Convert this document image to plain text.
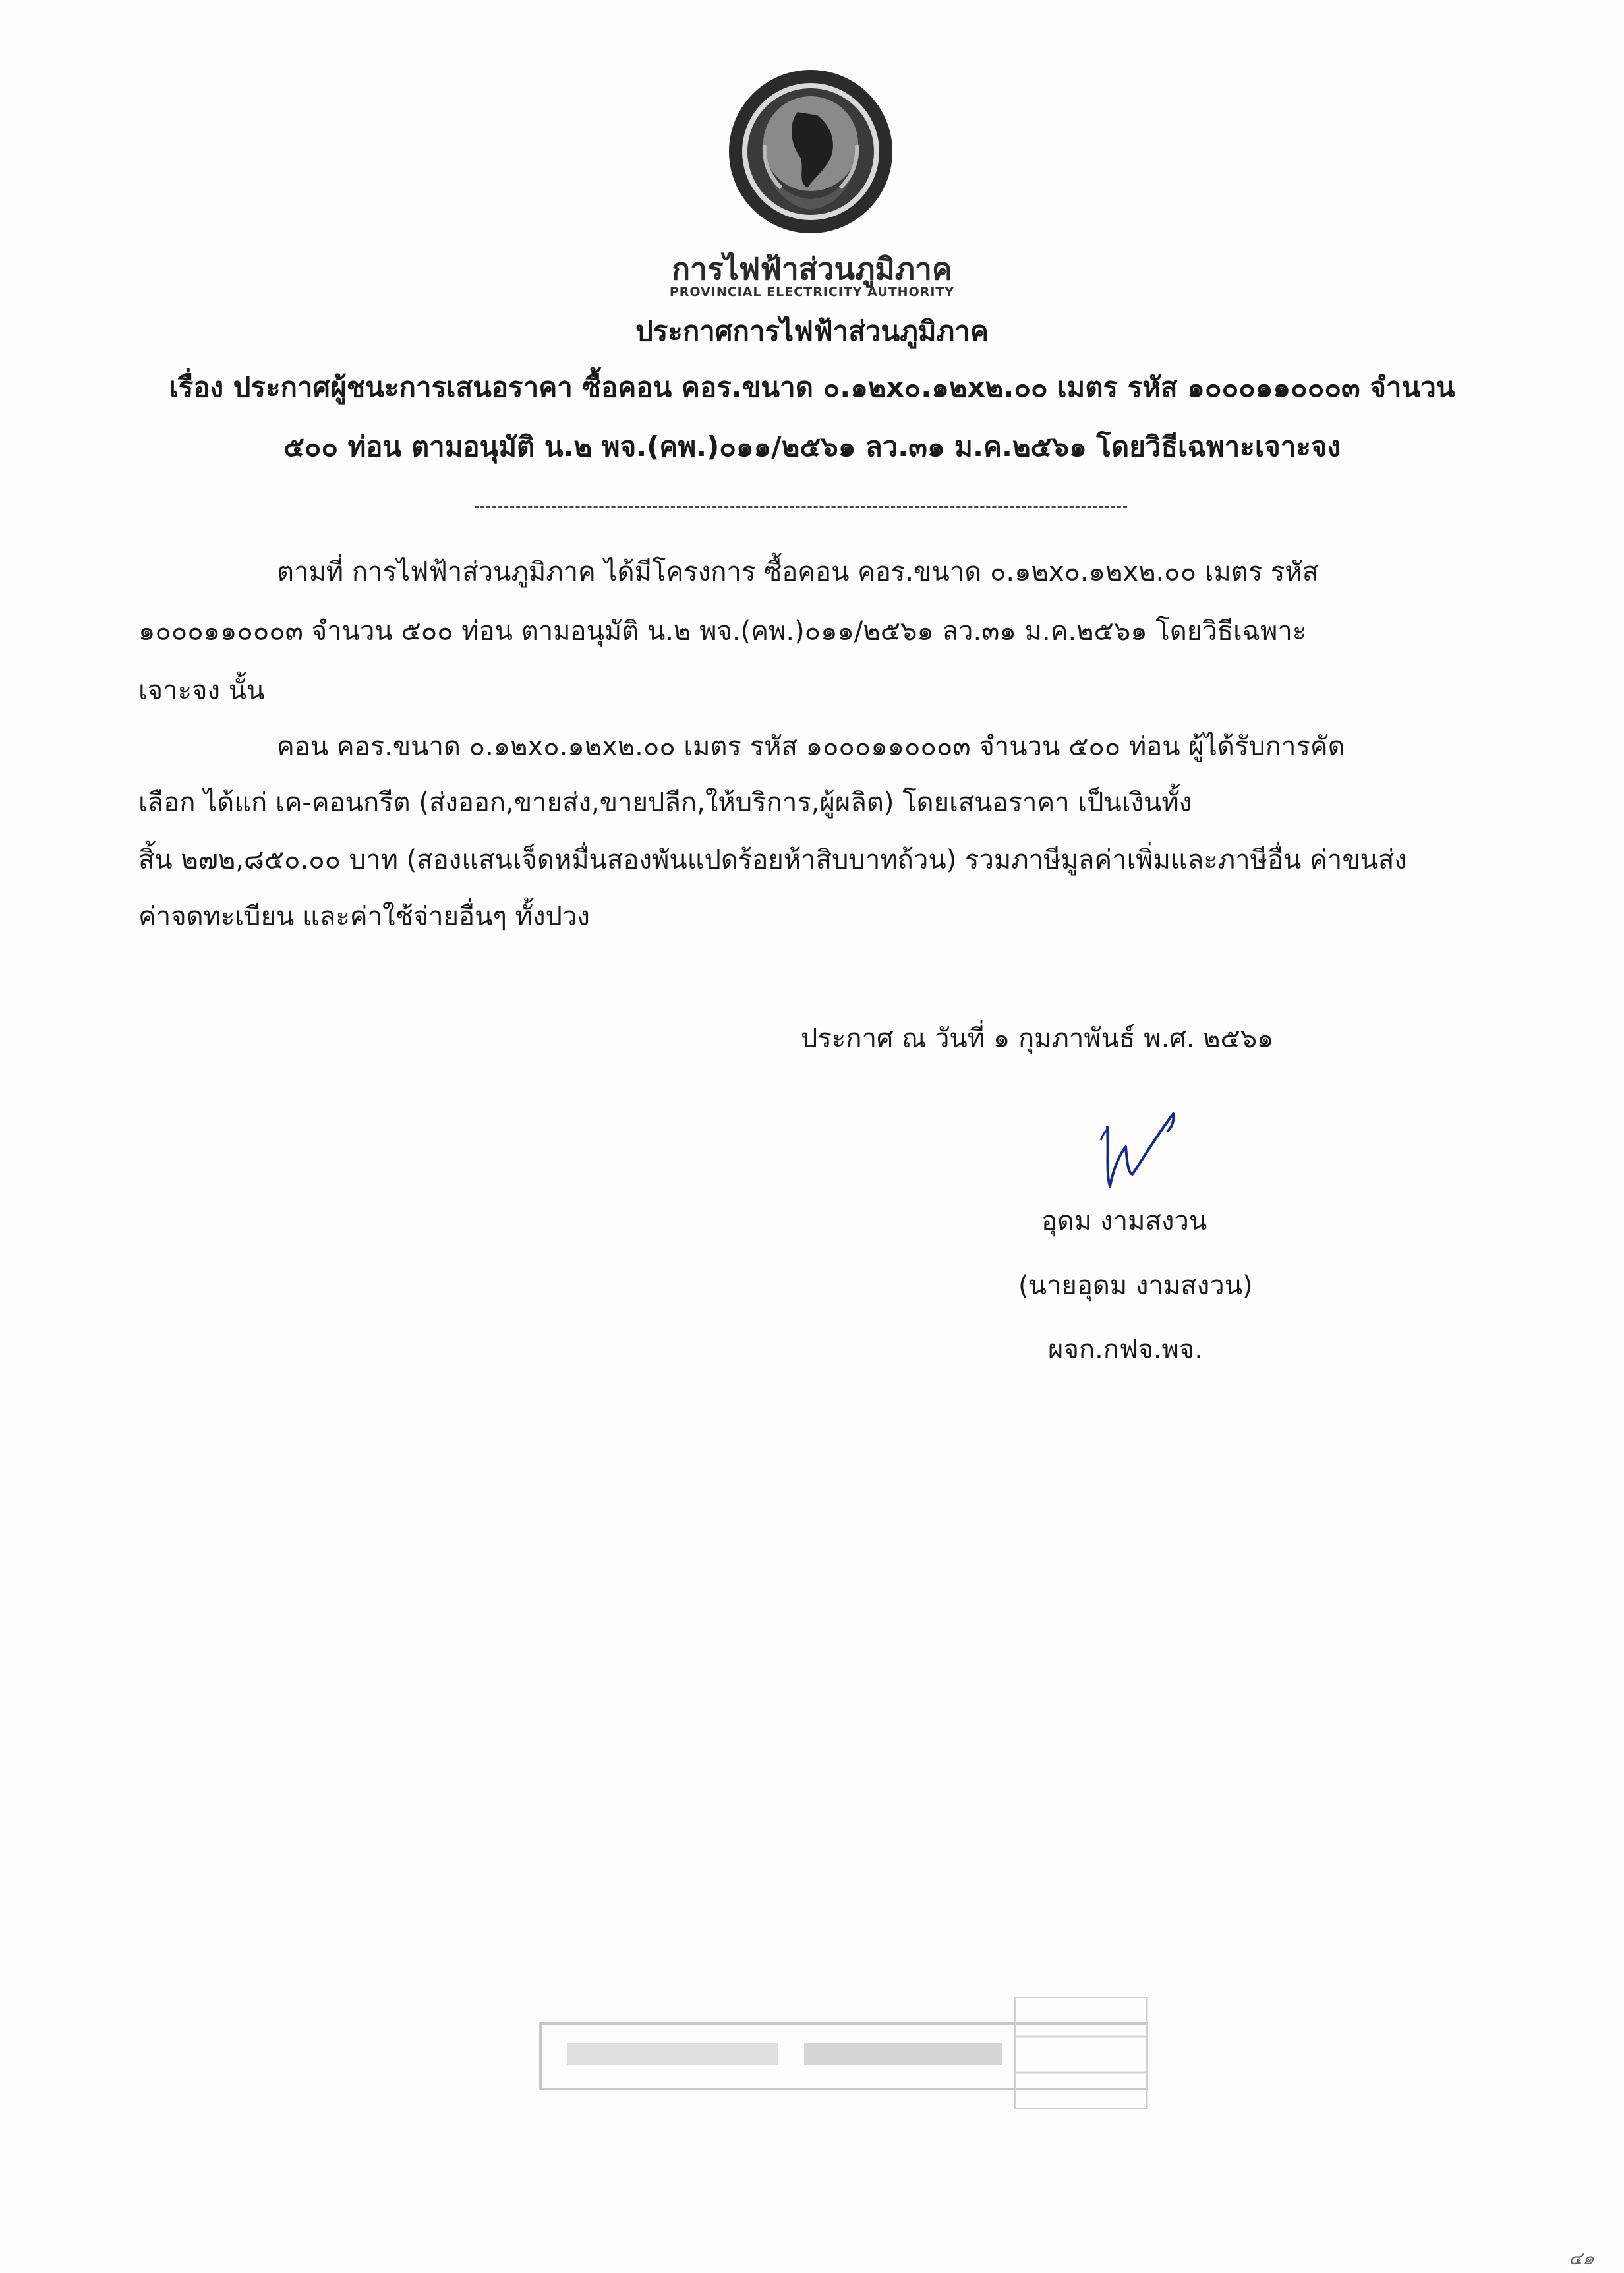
การไฟฟ้าส่วนภูมิภาค
PROVINCIAL ELECTRICITY AUTHORITY
ประกาศการไฟฟ้าส่วนภูมิภาค
เรื่อง ประกาศผู้ชนะการเสนอราคา ซื้อคอน คอร.ขนาด ๐.๑๒x๐.๑๒x๒.๐๐ เมตร รหัส ๑๐๐๐๑๑๐๐๐๓ จำนวน
๕๐๐ ท่อน ตามอนุมัติ น.๒ พจ.(คพ.)๐๑๑/๒๕๖๑ ลว.๓๑ ม.ค.๒๕๖๑ โดยวิธีเฉพาะเจาะจง
ตามที่ การไฟฟ้าส่วนภูมิภาค ได้มีโครงการ ซื้อคอน คอร.ขนาด ๐.๑๒x๐.๑๒x๒.๐๐ เมตร รหัส
๑๐๐๐๑๑๐๐๐๓ จำนวน ๕๐๐ ท่อน ตามอนุมัติ น.๒ พจ.(คพ.)๐๑๑/๒๕๖๑ ลว.๓๑ ม.ค.๒๕๖๑ โดยวิธีเฉพาะ
เจาะจง นั้น
คอน คอร.ขนาด ๐.๑๒x๐.๑๒x๒.๐๐ เมตร รหัส ๑๐๐๐๑๑๐๐๐๓ จำนวน ๕๐๐ ท่อน ผู้ได้รับการคัด
เลือก ได้แก่ เค-คอนกรีต (ส่งออก,ขายส่ง,ขายปลีก,ให้บริการ,ผู้ผลิต) โดยเสนอราคา เป็นเงินทั้ง
สิ้น ๒๗๒,๘๕๐.๐๐ บาท (สองแสนเจ็ดหมื่นสองพันแปดร้อยห้าสิบบาทถ้วน) รวมภาษีมูลค่าเพิ่มและภาษีอื่น ค่าขนส่ง
ค่าจดทะเบียน และค่าใช้จ่ายอื่นๆ ทั้งปวง
ประกาศ ณ วันที่ ๑ กุมภาพันธ์ พ.ศ. ๒๕๖๑
อุดม งามสงวน
(นายอุดม งามสงวน)
ผจก.กฟจ.พจ.
๔๑
